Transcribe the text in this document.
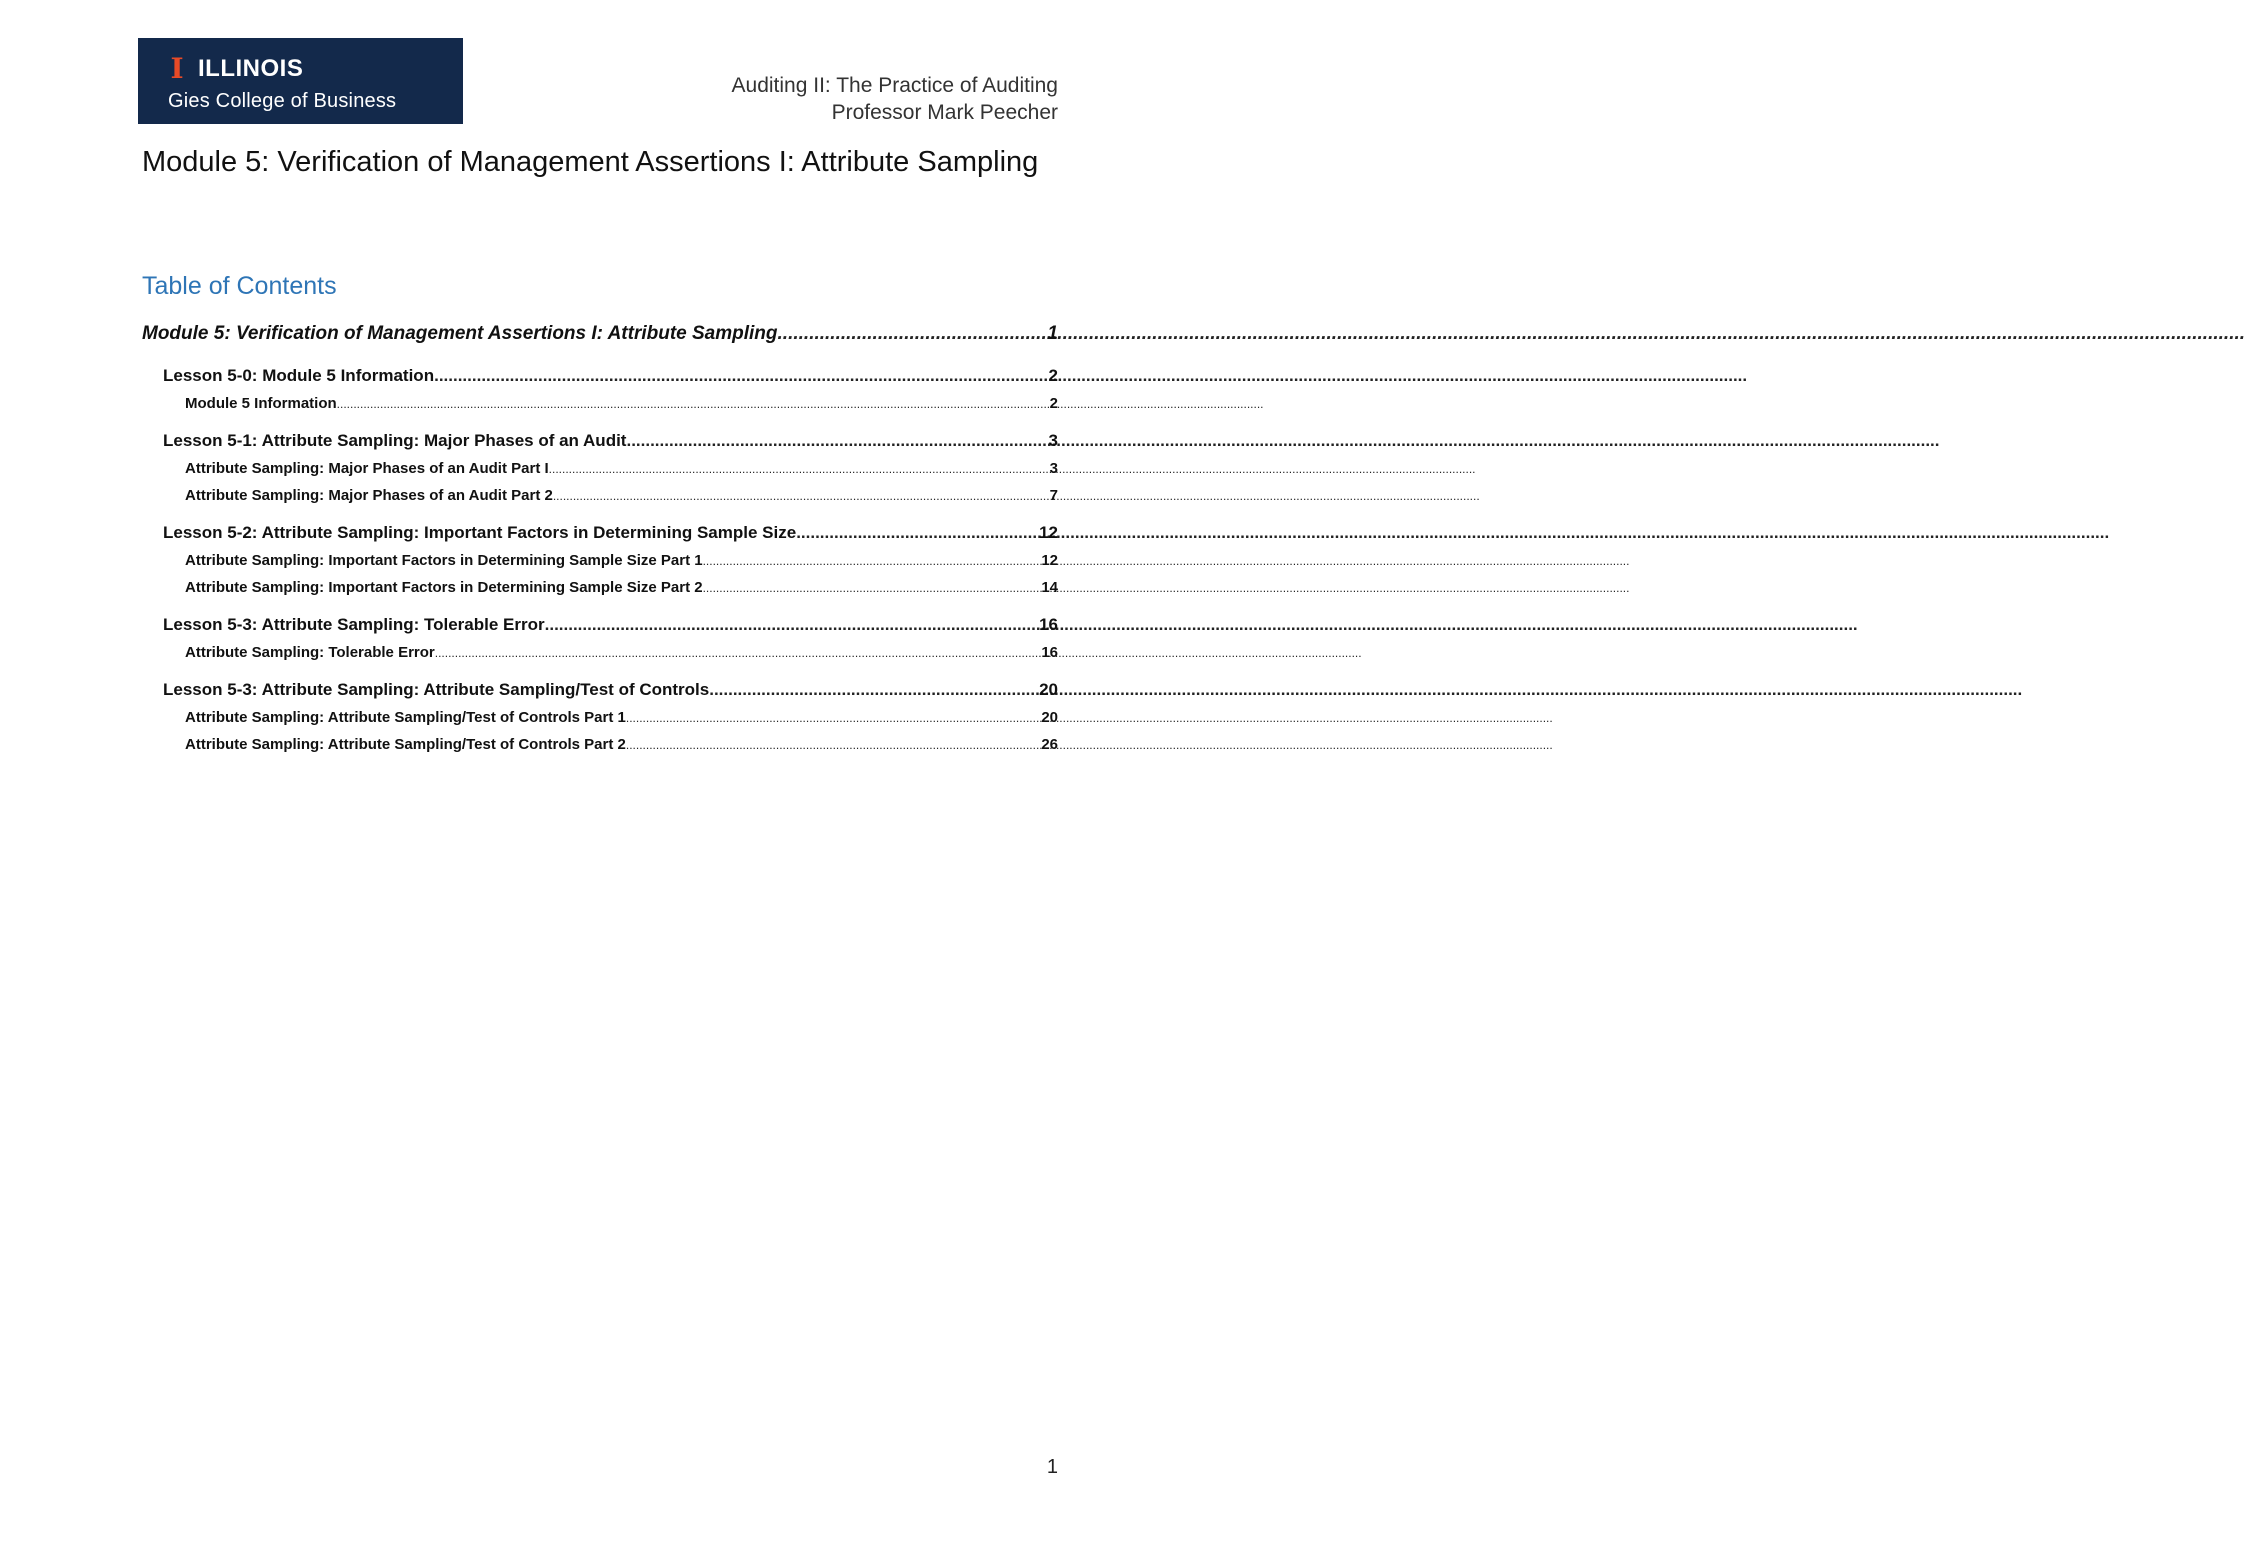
I ILLINOIS
Gies College of Business
Auditing II: The Practice of Auditing
Professor Mark Peecher
Module 5: Verification of Management Assertions I: Attribute Sampling
Table of Contents
Module 5: Verification of Management Assertions I: Attribute Sampling .....	1
Lesson 5-0: Module 5 Information .....	2
Module 5 Information .....	2
Lesson 5-1: Attribute Sampling: Major Phases of an Audit .....	3
Attribute Sampling: Major Phases of an Audit Part I .....	3
Attribute Sampling: Major Phases of an Audit Part 2 .....	7
Lesson 5-2: Attribute Sampling: Important Factors in Determining Sample Size .....	12
Attribute Sampling: Important Factors in Determining Sample Size Part 1 .....	12
Attribute Sampling: Important Factors in Determining Sample Size Part 2 .....	14
Lesson 5-3: Attribute Sampling: Tolerable Error .....	16
Attribute Sampling: Tolerable Error .....	16
Lesson 5-3: Attribute Sampling: Attribute Sampling/Test of Controls .....	20
Attribute Sampling: Attribute Sampling/Test of Controls Part 1 .....	20
Attribute Sampling: Attribute Sampling/Test of Controls Part 2 .....	26
1
